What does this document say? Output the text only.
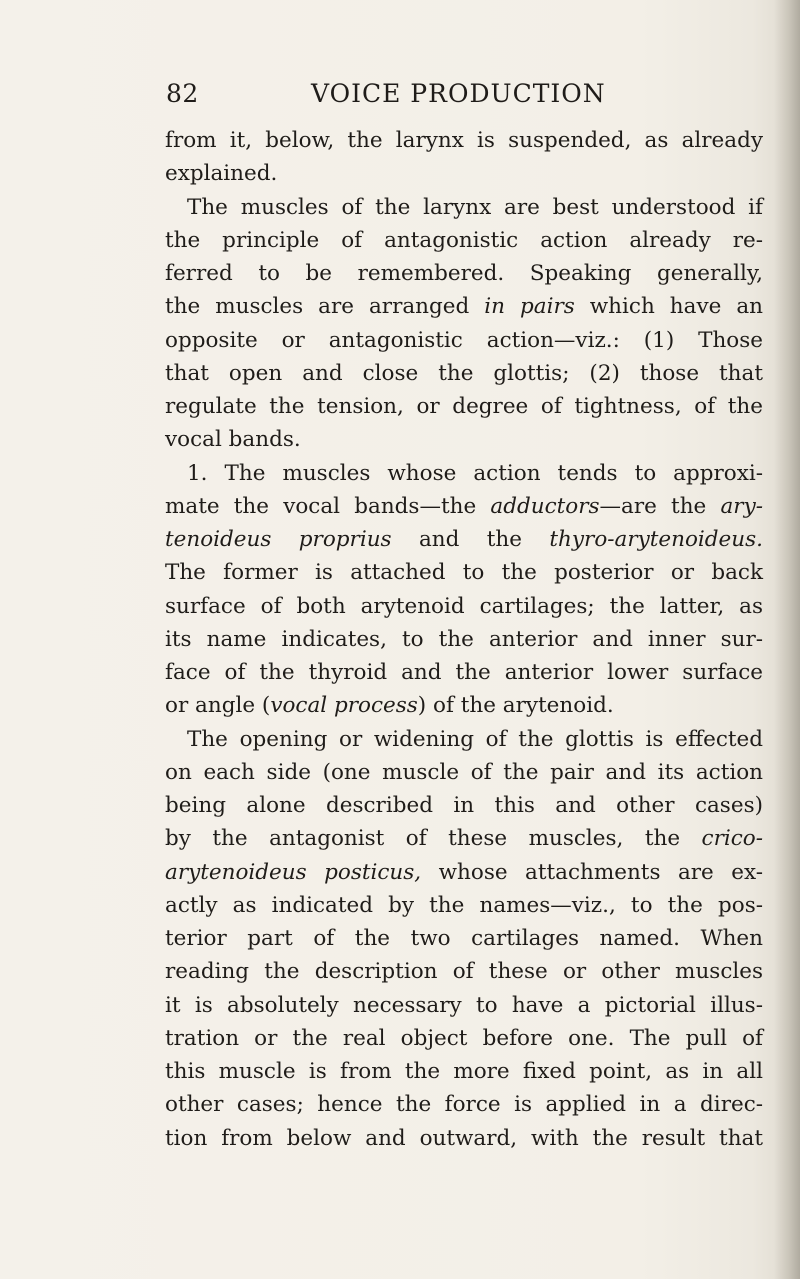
82	VOICE PRODUCTION
from it, below, the larynx is suspended, as already
explained.
The muscles of the larynx are best understood if
the principle of antagonistic action already re-
ferred to be remembered. Speaking generally,
the muscles are arranged in pairs which have an
opposite or antagonistic action—viz.: (1) Those
that open and close the glottis; (2) those that
regulate the tension, or degree of tightness, of the
vocal bands.
1. The muscles whose action tends to approxi-
mate the vocal bands—the adductors—are the ary-
tenoideus proprius and the thyro-arytenoideus.
The former is attached to the posterior or back
surface of both arytenoid cartilages; the latter, as
its name indicates, to the anterior and inner sur-
face of the thyroid and the anterior lower surface
or angle (vocal process) of the arytenoid.
The opening or widening of the glottis is effected
on each side (one muscle of the pair and its action
being alone described in this and other cases)
by the antagonist of these muscles, the crico-
arytenoideus posticus, whose attachments are ex-
actly as indicated by the names—viz., to the pos-
terior part of the two cartilages named. When
reading the description of these or other muscles
it is absolutely necessary to have a pictorial illus-
tration or the real object before one. The pull of
this muscle is from the more fixed point, as in all
other cases; hence the force is applied in a direc-
tion from below and outward, with the result that
